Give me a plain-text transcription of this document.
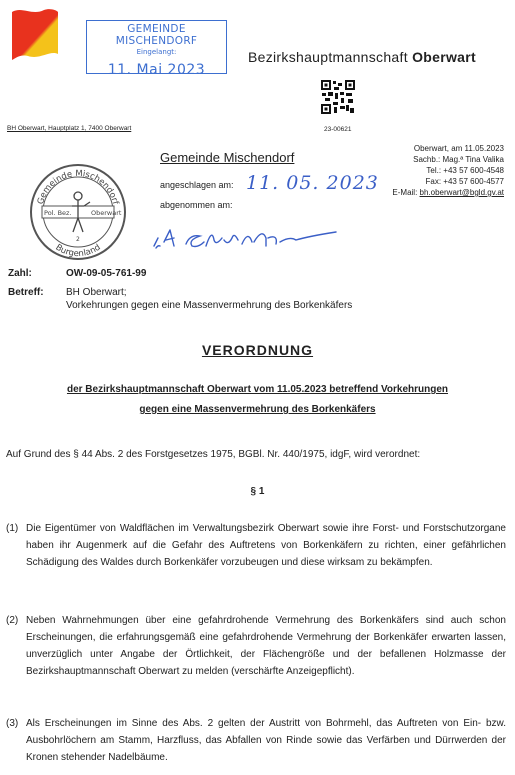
GEMEINDE MISCHENDORF
Eingelangt:
11. Mai 2023
Bezirkshauptmannschaft Oberwart
23-00621
BH Oberwart, Hauptplatz 1, 7400 Oberwart
Oberwart, am 11.05.2023
Sachb.: Mag.ª Tina Valika
Tel.: +43 57 600-4548
Fax: +43 57 600-4577
E-Mail: bh.oberwart@bgld.gv.at
Gemeinde Mischendorf
angeschlagen am: 11. 05. 2023
abgenommen am:
Gemeinde Mischendorf
Burgenland
Pol. Bez.	Oberwart
2
Zahl:	OW-09-05-761-99
Betreff: BH Oberwart;
Vorkehrungen gegen eine Massenvermehrung des Borkenkäfers
VERORDNUNG
der Bezirkshauptmannschaft Oberwart vom 11.05.2023 betreffend Vorkehrungen
gegen eine Massenvermehrung des Borkenkäfers
Auf Grund des § 44 Abs. 2 des Forstgesetzes 1975, BGBl. Nr. 440/1975, idgF, wird verordnet:
§ 1
(1) Die Eigentümer von Waldflächen im Verwaltungsbezirk Oberwart sowie ihre Forst- und Forstschutzorgane haben ihr Augenmerk auf die Gefahr des Auftretens von Borkenkäfern zu richten, einer gefährlichen Schädigung des Waldes durch Borkenkäfer vorzubeugen und diese wirksam zu bekämpfen.
(2) Neben Wahrnehmungen über eine gefahrdrohende Vermehrung des Borkenkäfers sind auch schon Erscheinungen, die erfahrungsgemäß eine gefahrdrohende Vermehrung der Borkenkäfer erwarten lassen, unverzüglich unter Angabe der Örtlichkeit, der Flächengröße und der befallenen Holzmasse der Bezirkshauptmannschaft Oberwart zu melden (verschärfte Anzeigepflicht).
(3) Als Erscheinungen im Sinne des Abs. 2 gelten der Austritt von Bohrmehl, das Auftreten von Ein- bzw. Ausbohrlöchern am Stamm, Harzfluss, das Abfallen von Rinde sowie das Verfärben und Dürrwerden der Kronen stehender Nadelbäume.
